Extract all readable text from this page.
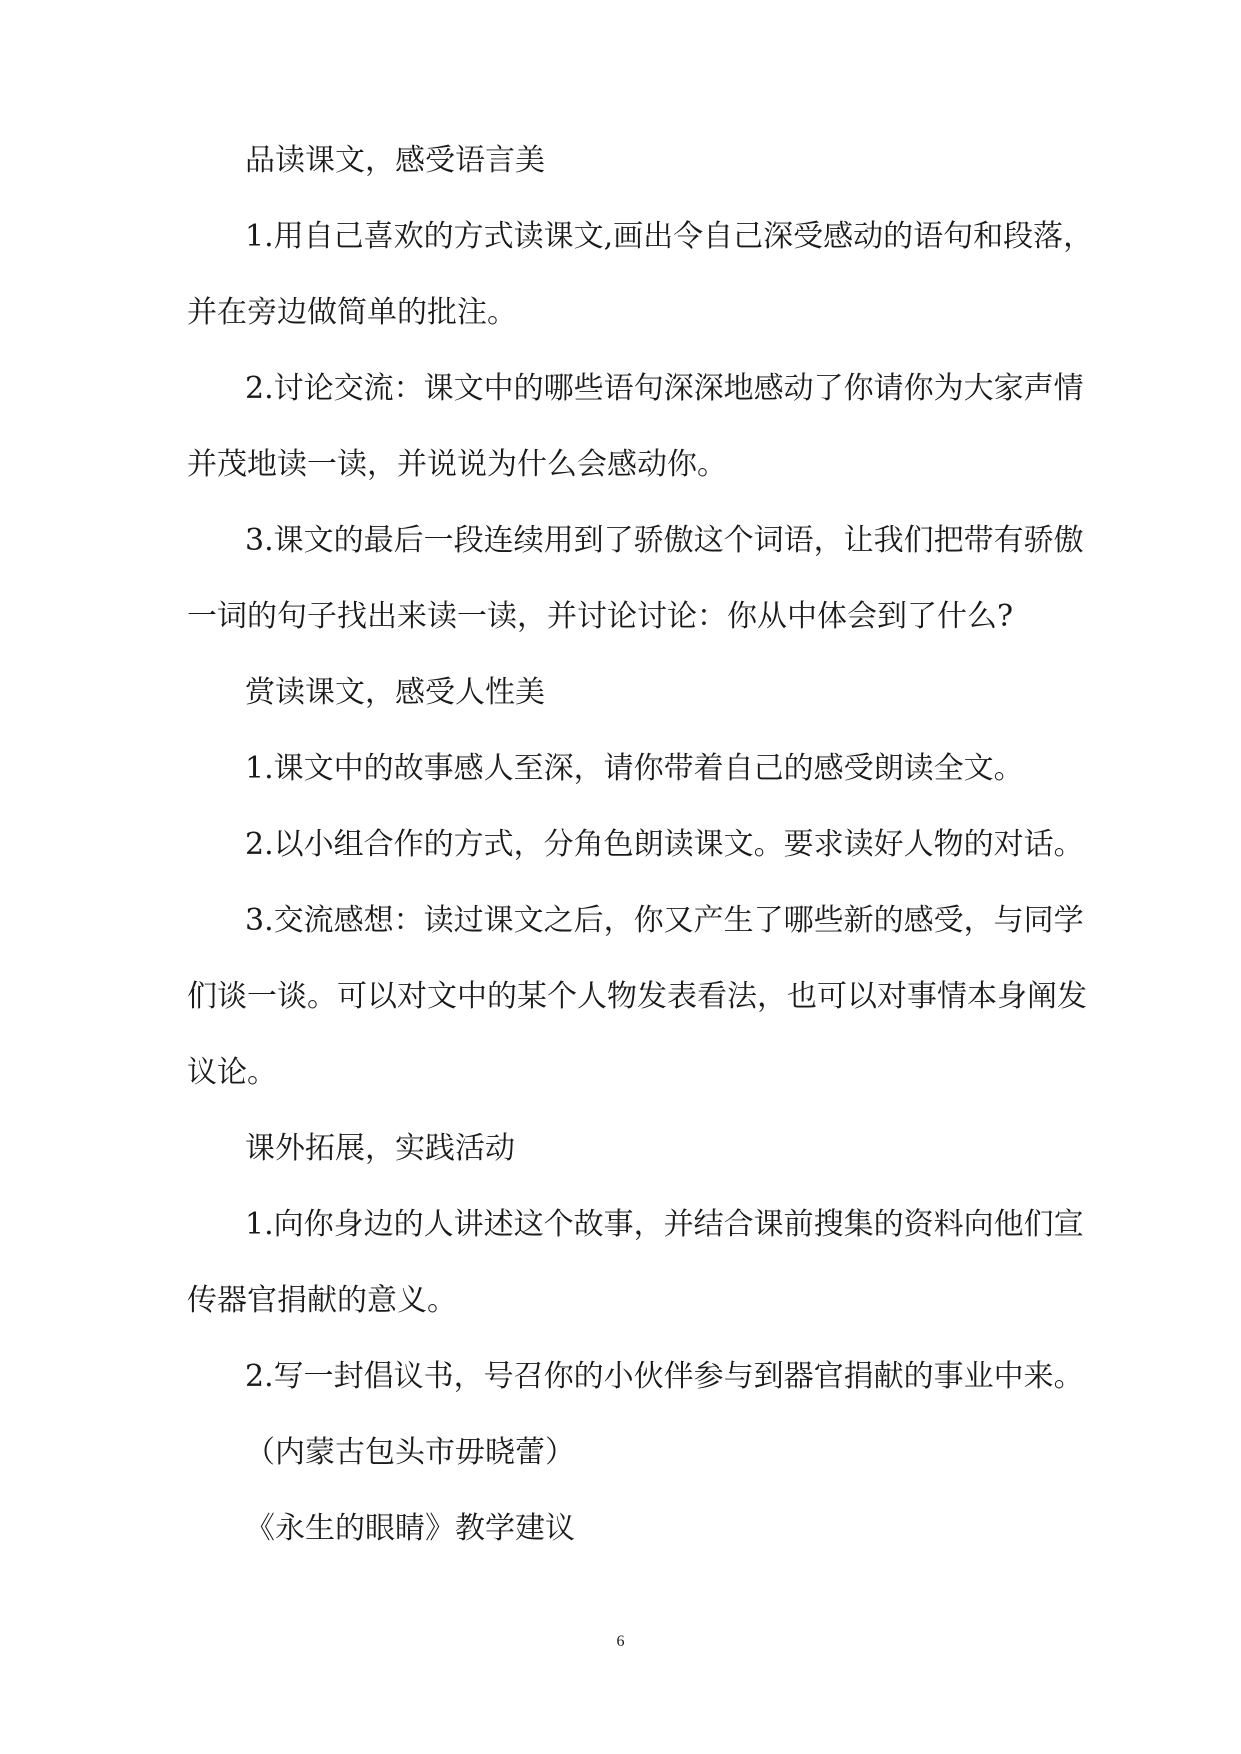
品读课文，感受语言美
1.用自己喜欢的方式读课文,画出令自己深受感动的语句和段落，
并在旁边做简单的批注。
2.讨论交流：课文中的哪些语句深深地感动了你请你为大家声情
并茂地读一读，并说说为什么会感动你。
3.课文的最后一段连续用到了骄傲这个词语，让我们把带有骄傲
一词的句子找出来读一读，并讨论讨论：你从中体会到了什么?
赏读课文，感受人性美
1.课文中的故事感人至深，请你带着自己的感受朗读全文。
2.以小组合作的方式，分角色朗读课文。要求读好人物的对话。
3.交流感想：读过课文之后，你又产生了哪些新的感受，与同学
们谈一谈。可以对文中的某个人物发表看法，也可以对事情本身阐发
议论。
课外拓展，实践活动
1.向你身边的人讲述这个故事，并结合课前搜集的资料向他们宣
传器官捐献的意义。
2.写一封倡议书，号召你的小伙伴参与到器官捐献的事业中来。
（内蒙古包头市毋晓蕾）
《永生的眼睛》教学建议
6
